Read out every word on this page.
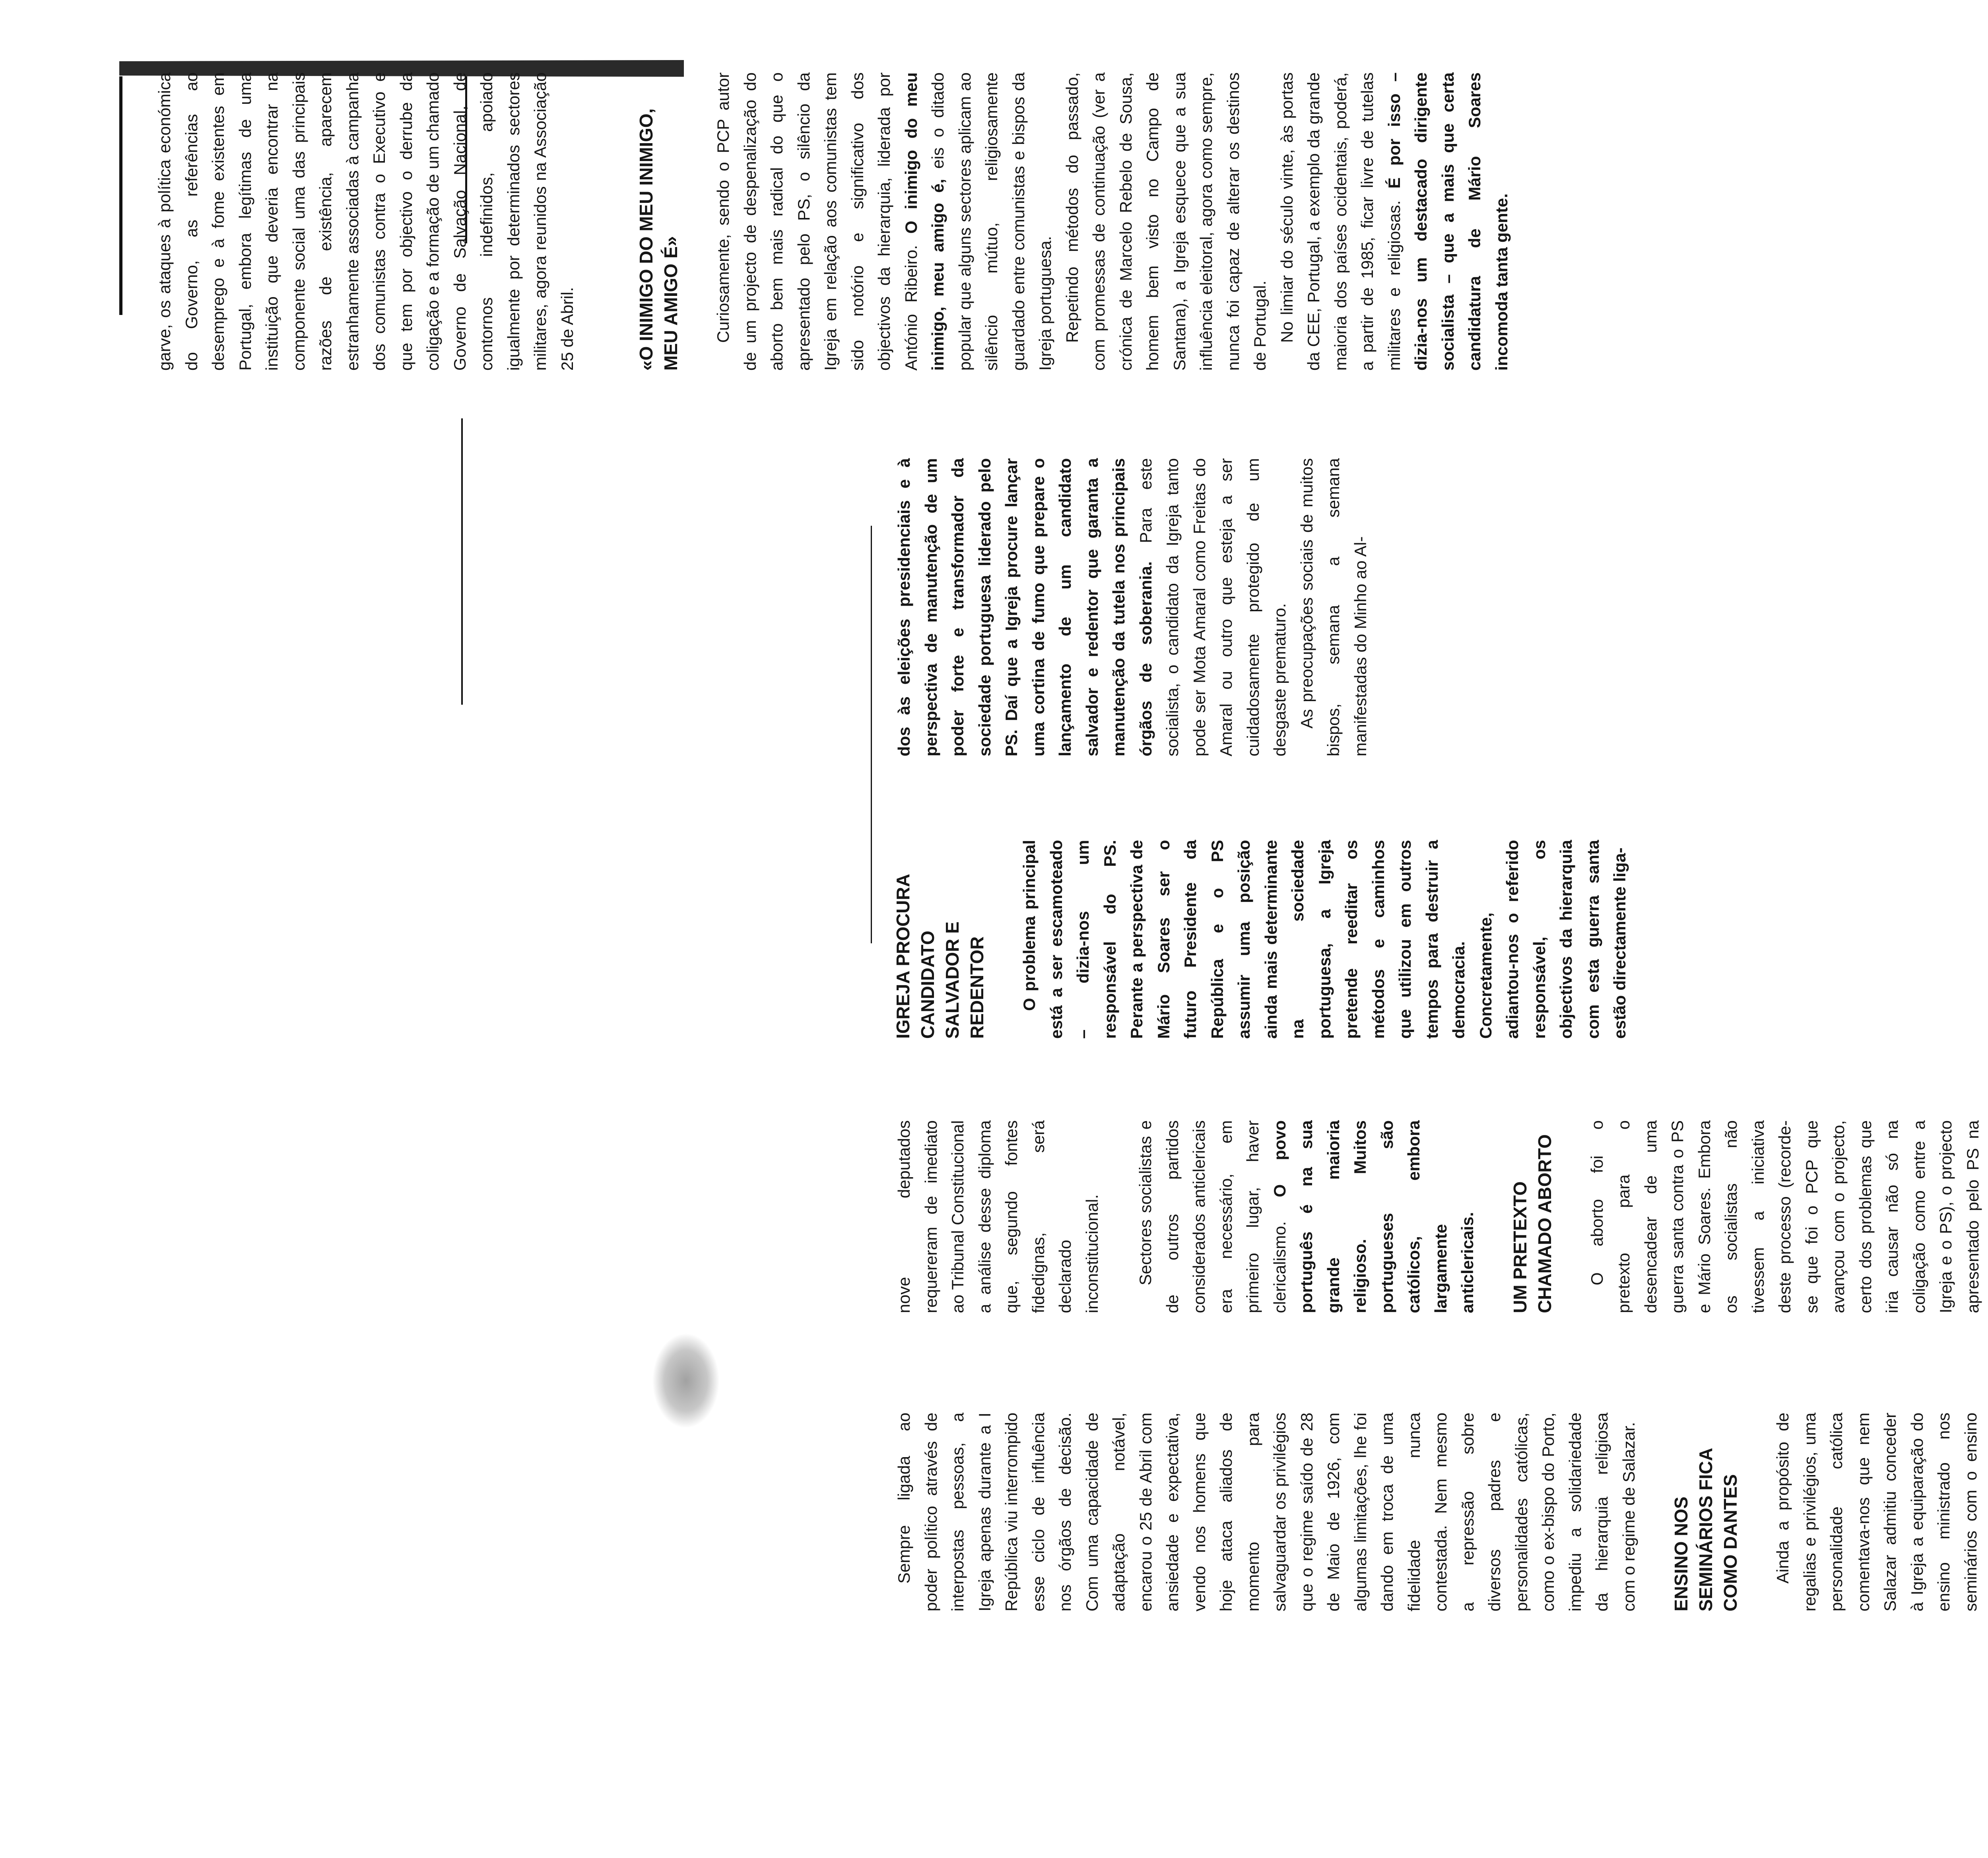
Sempre ligada ao poder político através de interpostas pessoas, a Igreja apenas durante a I República viu interrompido esse ciclo de influência nos órgãos de decisão. Com uma capacidade de adaptação notável, encarou o 25 de Abril com ansiedade e expectativa, vendo nos homens que hoje ataca aliados de momento para salvaguardar os privilégios que o regime saído de 28 de Maio de 1926, com algumas limitações, lhe foi dando em troca de uma fidelidade nunca contestada. Nem mesmo a repressão sobre diversos padres e personalidades católicas, como o ex-bispo do Porto, impediu a solidariedade da hierarquia religiosa com o regime de Salazar. ENSINO NOS SEMINÁRIOS FICA COMO DANTES Ainda a propósito de regalias e privilégios, uma personalidade católica comentava-nos que nem Salazar admitiu conceder à Igreja a equiparação do ensino ministrado nos seminários com o ensino

nove deputados requereram de imediato ao Tribunal Constitucional a análise desse diploma que, segundo fontes fidedignas, será declarado inconstitucional. Sectores socialistas e de outros partidos considerados anticlericais era necessário, em primeiro lugar, haver clericalismo. O povo português é na sua grande maioria religioso. Muitos portugueses são católicos, embora largamente anticlericais. UM PRETEXTO CHAMADO ABORTO O aborto foi o pretexto para o desencadear de uma guerra santa contra o PS e Mário Soares. Embora os socialistas não tivessem a iniciativa deste processo (recorde-se que foi o PCP que avançou com o projecto, certo dos problemas que iria causar não só na coligação como entre a Igreja e o PS), o projecto apresentado pelo PS na

IGREJA PROCURA CANDIDATO SALVADOR E REDENTOR O problema principal está a ser escamoteado – dizia-nos um responsável do PS. Perante a perspectiva de Mário Soares ser o futuro Presidente da República e o PS assumir uma posição ainda mais determinante na sociedade portuguesa, a Igreja pretende reeditar os métodos e caminhos que utilizou em outros tempos para destruir a democracia. Concretamente, adiantou-nos o referido responsável, os objectivos da hierarquia com esta guerra santa estão directamente liga-

dos às eleições presidenciais e à perspectiva de manutenção de um poder forte e transformador da sociedade portuguesa liderado pelo PS. Daí que a Igreja procure lançar uma cortina de fumo que prepare o lançamento de um candidato salvador e redentor que garanta a manutenção da tutela nos principais órgãos de soberania. Para este socialista, o candidato da Igreja tanto pode ser Mota Amaral como Freitas do Amaral ou outro que esteja a ser cuidadosamente protegido de um desgaste prematuro. As preocupações sociais de muitos bispos, semana a semana manifestadas do Minho ao Al-

garve, os ataques à política económica do Governo, as referências ao desemprego e à fome existentes em Portugal, embora legítimas de uma instituição que deveria encontrar na componente social uma das principais razões de existência, aparecem estranhamente associadas à campanha dos comunistas contra o Executivo e que tem por objectivo o derrube da coligação e a formação de um chamado Governo de Salvação Nacional, de contornos indefinidos, apoiado igualmente por determinados sectores militares, agora reunidos na Associação 25 de Abril.	«O INIMIGO DO MEU INIMIGO, MEU AMIGO É» Curiosamente, sendo o PCP autor de um projecto de despenalização do aborto bem mais radical do que o apresentado pelo PS, o silêncio da Igreja em relação aos comunistas tem sido notório e significativo dos objectivos da hierarquia, liderada por António Ribeiro. O inimigo do meu inimigo, meu amigo é, eis o ditado popular que alguns sectores aplicam ao silêncio mútuo, religiosamente guardado entre comunistas e bispos da Igreja portuguesa. Repetindo métodos do passado, com promessas de continuação (ver a crónica de Marcelo Rebelo de Sousa, homem bem visto no Campo de Santana), a Igreja esquece que a sua influência eleitoral, agora como sempre, nunca foi capaz de alterar os destinos de Portugal. No limiar do século vinte, às portas da CEE, Portugal, a exemplo da grande maioria dos países ocidentais, poderá, a partir de 1985, ficar livre de tutelas militares e religiosas. É por isso – dizia-nos um destacado dirigente socialista – que a mais que certa candidatura de Mário Soares incomoda tanta gente.
